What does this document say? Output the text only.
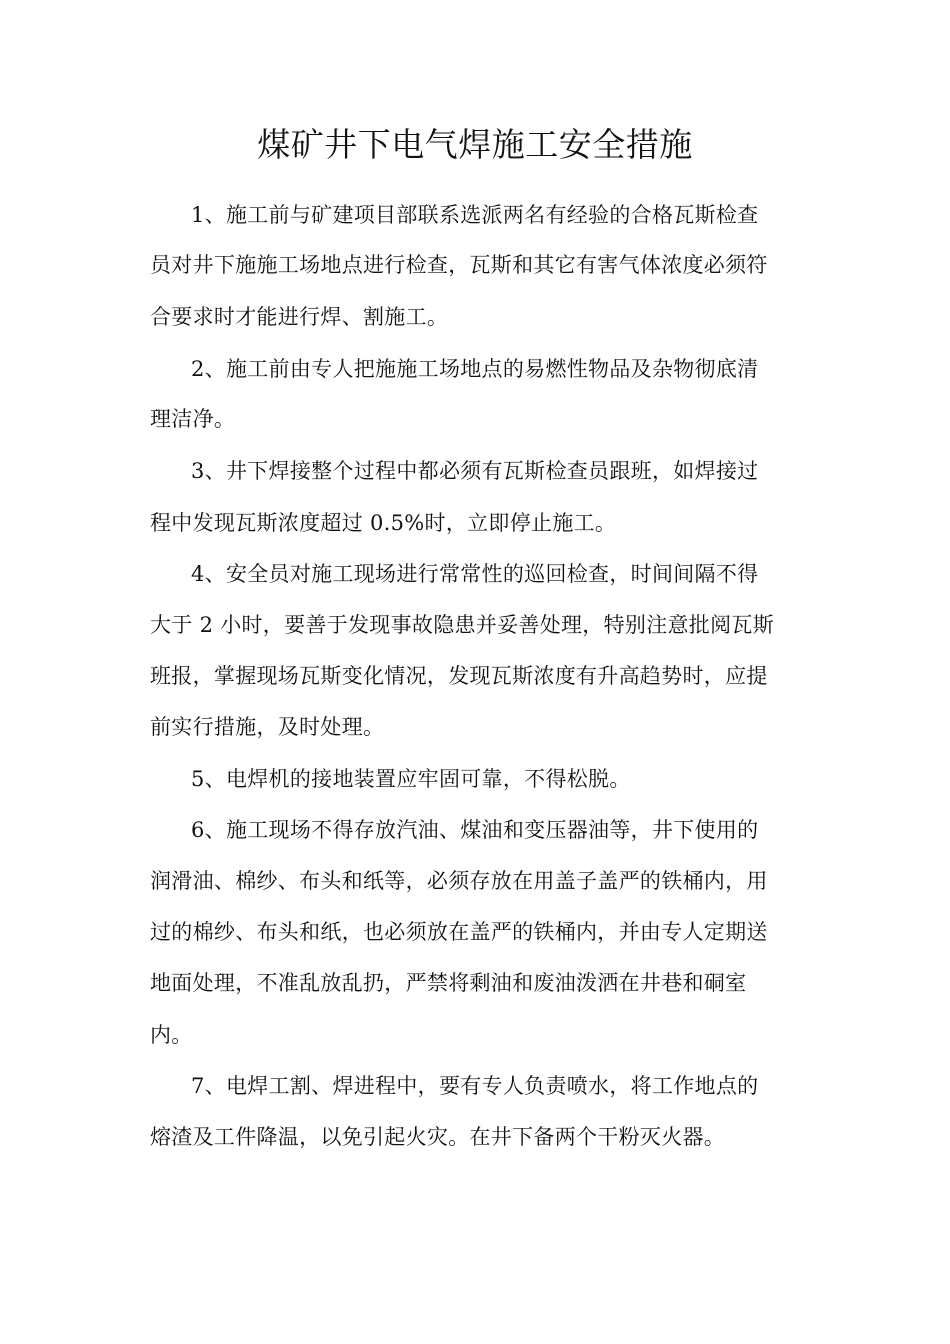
煤矿井下电气焊施工安全措施
1、施工前与矿建项目部联系选派两名有经验的合格瓦斯检查
员对井下施施工场地点进行检查，瓦斯和其它有害气体浓度必须符
合要求时才能进行焊、割施工。
2、施工前由专人把施施工场地点的易燃性物品及杂物彻底清
理洁净。
3、井下焊接整个过程中都必须有瓦斯检查员跟班，如焊接过
程中发现瓦斯浓度超过 0.5%时，立即停止施工。
4、安全员对施工现场进行常常性的巡回检查，时间间隔不得
大于 2 小时，要善于发现事故隐患并妥善处理，特别注意批阅瓦斯
班报，掌握现场瓦斯变化情况，发现瓦斯浓度有升高趋势时，应提
前实行措施，及时处理。
5、电焊机的接地装置应牢固可靠，不得松脱。
6、施工现场不得存放汽油、煤油和变压器油等，井下使用的
润滑油、棉纱、布头和纸等，必须存放在用盖子盖严的铁桶内，用
过的棉纱、布头和纸，也必须放在盖严的铁桶内，并由专人定期送
地面处理，不准乱放乱扔，严禁将剩油和废油泼洒在井巷和硐室
内。
7、电焊工割、焊进程中，要有专人负责喷水，将工作地点的
熔渣及工件降温，以免引起火灾。在井下备两个干粉灭火器。
